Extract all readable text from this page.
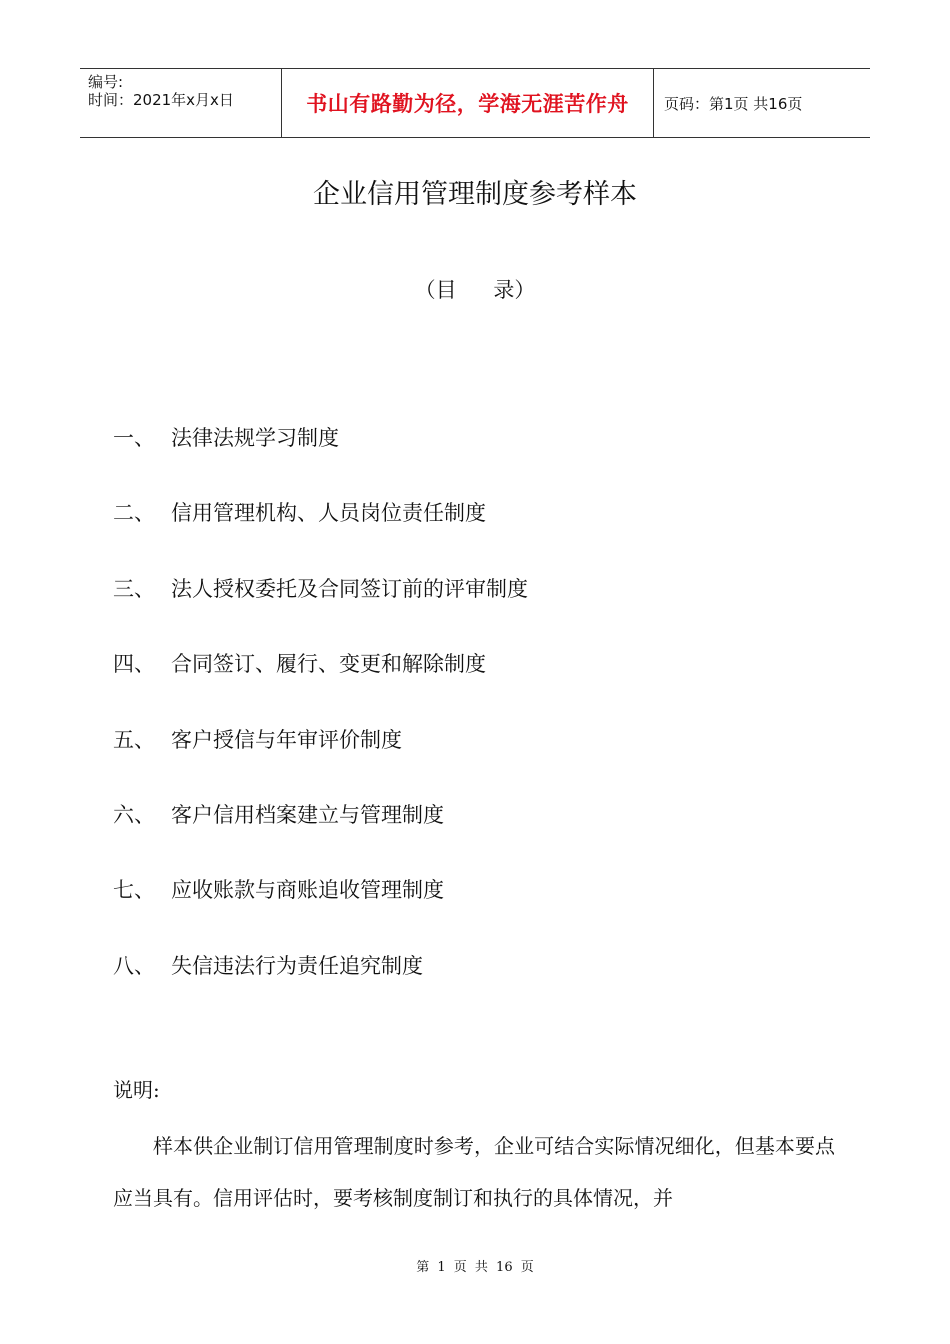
编号:
时间：2021年x月x日	书山有路勤为径，学海无涯苦作舟	页码：第1页 共16页
企业信用管理制度参考样本
（目 录）
一、 法律法规学习制度
二、 信用管理机构、人员岗位责任制度
三、 法人授权委托及合同签订前的评审制度
四、 合同签订、履行、变更和解除制度
五、 客户授信与年审评价制度
六、 客户信用档案建立与管理制度
七、 应收账款与商账追收管理制度
八、 失信违法行为责任追究制度
说明:

样本供企业制订信用管理制度时参考，企业可结合实际情况细化，但基本要点应当具有。信用评估时，要考核制度制订和执行的具体情况，并

第 1 页 共 16 页
